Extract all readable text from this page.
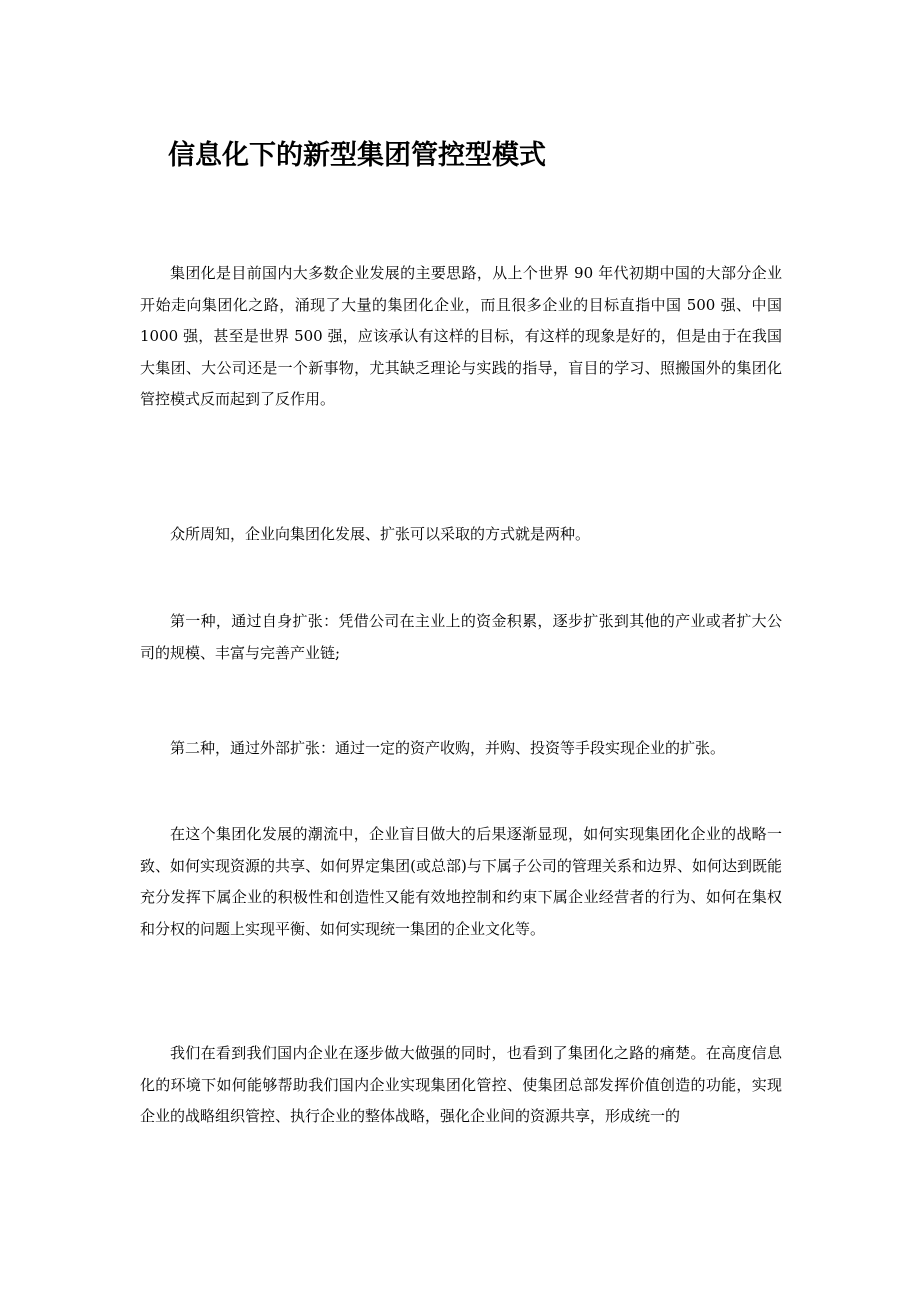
信息化下的新型集团管控型模式

集团化是目前国内大多数企业发展的主要思路，从上个世界 90 年代初期中国的大部分企业开始走向集团化之路，涌现了大量的集团化企业，而且很多企业的目标直指中国 500 强、中国 1000 强，甚至是世界 500 强，应该承认有这样的目标，有这样的现象是好的，但是由于在我国大集团、大公司还是一个新事物，尤其缺乏理论与实践的指导，盲目的学习、照搬国外的集团化管控模式反而起到了反作用。

众所周知，企业向集团化发展、扩张可以采取的方式就是两种。

第一种，通过自身扩张：凭借公司在主业上的资金积累，逐步扩张到其他的产业或者扩大公司的规模、丰富与完善产业链;

第二种，通过外部扩张：通过一定的资产收购，并购、投资等手段实现企业的扩张。

在这个集团化发展的潮流中，企业盲目做大的后果逐渐显现，如何实现集团化企业的战略一致、如何实现资源的共享、如何界定集团(或总部)与下属子公司的管理关系和边界、如何达到既能充分发挥下属企业的积极性和创造性又能有效地控制和约束下属企业经营者的行为、如何在集权和分权的问题上实现平衡、如何实现统一集团的企业文化等。

我们在看到我们国内企业在逐步做大做强的同时，也看到了集团化之路的痛楚。在高度信息化的环境下如何能够帮助我们国内企业实现集团化管控、使集团总部发挥价值创造的功能，实现企业的战略组织管控、执行企业的整体战略，强化企业间的资源共享，形成统一的
